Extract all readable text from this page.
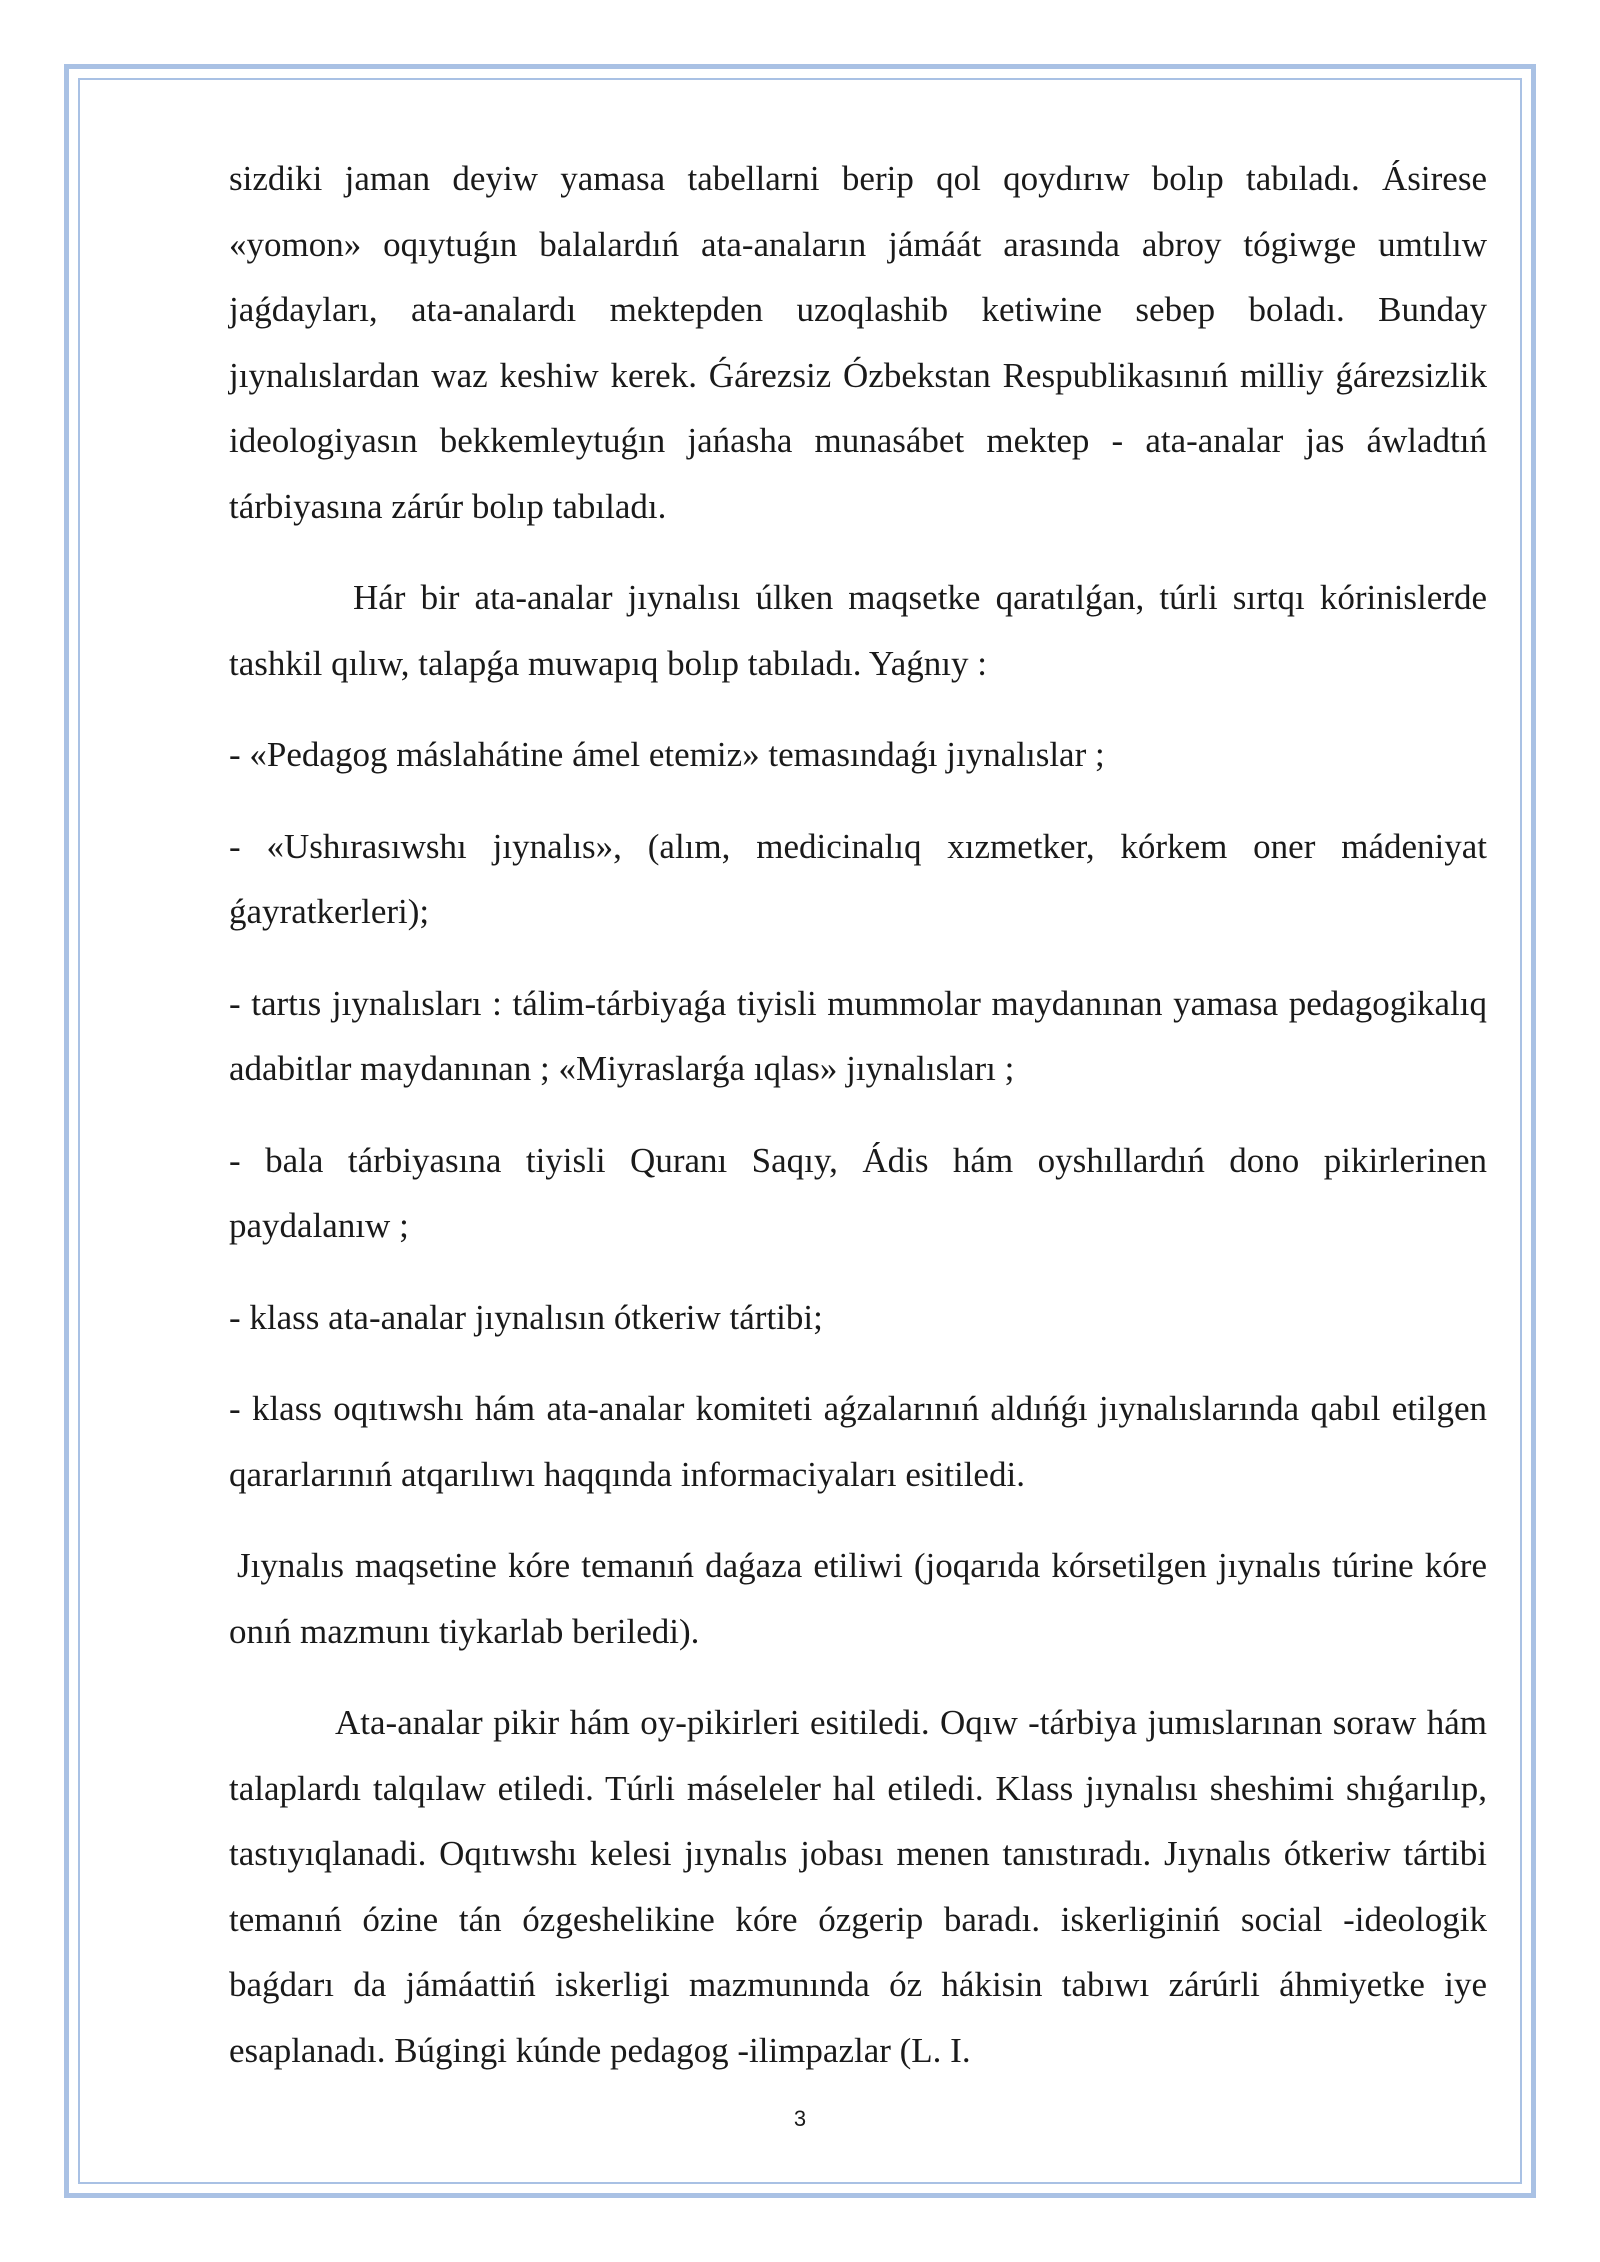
sizdiki jaman deyiw yamasa tabellarni berip qol qoydırıw bolıp tabıladı. Ásirese «yomon» oqıytuǵın balalardıń ata-anaların jámáát arasında abroy tógiwge umtılıw jaǵdayları, ata-analardı mektepden uzoqlashib ketiwine sebep boladı. Bunday jıynalıslardan waz keshiw kerek. Ǵárezsiz Ózbekstan Respublikasınıń milliy ǵárezsizlik ideologiyasın bekkemleytuǵın jańasha munasábet mektep - ata-analar jas áwladtıń tárbiyasına zárúr bolıp tabıladı.

Hár bir ata-analar jıynalısı úlken maqsetke qaratılǵan, túrli sırtqı kórinislerde tashkil qılıw, talapǵa muwapıq bolıp tabıladı. Yaǵnıy :

- «Pedagog máslahátine ámel etemiz» temasındaǵı jıynalıslar ;

- «Ushırasıwshı jıynalıs», (alım, medicinalıq xızmetker, kórkem oner mádeniyat ǵayratkerleri);

- tartıs jıynalısları : tálim-tárbiyaǵa tiyisli mummolar maydanınan yamasa pedagogikalıq adabitlar maydanınan ; «Miyraslarǵa ıqlas» jıynalısları ;

- bala tárbiyasına tiyisli Quranı Saqıy, Ádis hám oyshıllardıń dono pikirlerinen paydalanıw ;

- klass ata-analar jıynalısın ótkeriw tártibi;

- klass oqıtıwshı hám ata-analar komiteti aǵzalarınıń aldıńǵı jıynalıslarında qabıl etilgen qararlarınıń atqarılıwı haqqında informaciyaları esitiledi.

Jıynalıs maqsetine kóre temanıń daǵaza etiliwi (joqarıda kórsetilgen jıynalıs túrine kóre onıń mazmunı tiykarlab beriledi).

Ata-analar pikir hám oy-pikirleri esitiledi. Oqıw -tárbiya jumıslarınan soraw hám talaplardı talqılaw etiledi. Túrli máseleler hal etiledi. Klass jıynalısı sheshimi shıǵarılıp, tastıyıqlanadi. Oqıtıwshı kelesi jıynalıs jobası menen tanıstıradı. Jıynalıs ótkeriw tártibi temanıń ózine tán ózgeshelikine kóre ózgerip baradı. iskerliginiń social -ideologik baǵdarı da jámáattiń iskerligi mazmunında óz hákisin tabıwı zárúrli áhmiyetke iye esaplanadı. Búgingi kúnde pedagog -ilimpazlar (L. I.

3
